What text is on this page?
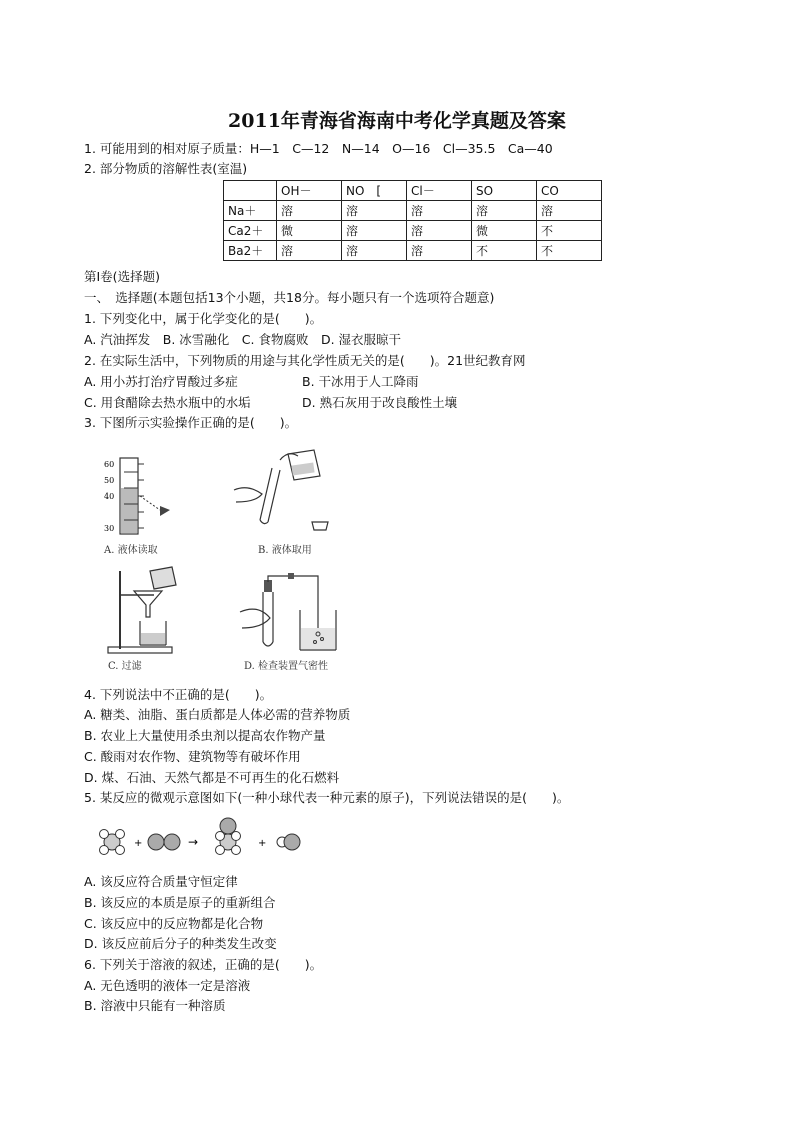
2011年青海省海南中考化学真题及答案
1. 可能用到的相对原子质量：H—1　C—12　N—14　O—16　Cl—35.5　Ca—40
2. 部分物质的溶解性表(室温)
	OH－	NO　[	Cl－	SO	CO
Na＋	溶	溶	溶	溶	溶
Ca2＋	微	溶	溶	微	不
Ba2＋	溶	溶	溶	不	不
第Ⅰ卷(选择题)
一、　选择题(本题包括13个小题，共18分。每小题只有一个选项符合题意)
1. 下列变化中，属于化学变化的是(　　)。
A. 汽油挥发　B. 冰雪融化　C. 食物腐败　D. 湿衣服晾干
2. 在实际生活中，下列物质的用途与其化学性质无关的是(　　)。21世纪教育网
A. 用小苏打治疗胃酸过多症	B. 干冰用于人工降雨
C. 用食醋除去热水瓶中的水垢	D. 熟石灰用于改良酸性土壤
3. 下图所示实验操作正确的是(　　)。
60
50
40
30
A. 液体读取	B. 液体取用
C. 过滤	D. 检查装置气密性
4. 下列说法中不正确的是(　　)。
A. 糖类、油脂、蛋白质都是人体必需的营养物质
B. 农业上大量使用杀虫剂以提高农作物产量
C. 酸雨对农作物、建筑物等有破坏作用
D. 煤、石油、天然气都是不可再生的化石燃料
5. 某反应的微观示意图如下(一种小球代表一种元素的原子)，下列说法错误的是(　　)。
+	→	+
A. 该反应符合质量守恒定律
B. 该反应的本质是原子的重新组合
C. 该反应中的反应物都是化合物
D. 该反应前后分子的种类发生改变
6. 下列关于溶液的叙述，正确的是(　　)。
A. 无色透明的液体一定是溶液
B. 溶液中只能有一种溶质
